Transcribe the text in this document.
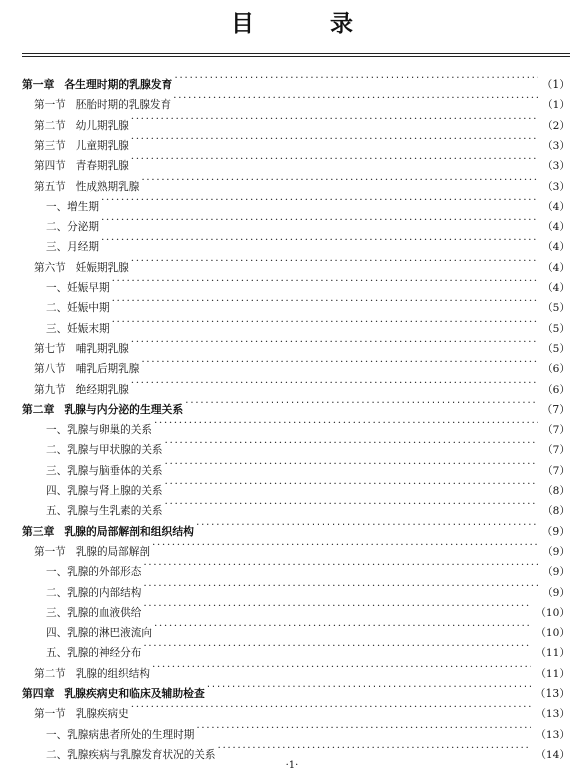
目 录
第一章 各生理时期的乳腺发育 ·····	（1）
第一节 胚胎时期的乳腺发育 ·····	（1）
第二节 幼儿期乳腺 ·····	（2）
第三节 儿童期乳腺 ·····	（3）
第四节 青春期乳腺 ·····	（3）
第五节 性成熟期乳腺 ·····	（3）
一、增生期 ·····	（4）
二、分泌期 ·····	（4）
三、月经期 ·····	（4）
第六节 妊娠期乳腺 ·····	（4）
一、妊娠早期 ·····	（4）
二、妊娠中期 ·····	（5）
三、妊娠末期 ·····	（5）
第七节 哺乳期乳腺 ·····	（5）
第八节 哺乳后期乳腺 ·····	（6）
第九节 绝经期乳腺 ·····	（6）
第二章 乳腺与内分泌的生理关系 ·····	（7）
一、乳腺与卵巢的关系 ·····	（7）
二、乳腺与甲状腺的关系 ·····	（7）
三、乳腺与脑垂体的关系 ·····	（7）
四、乳腺与肾上腺的关系 ·····	（8）
五、乳腺与生乳素的关系 ·····	（8）
第三章 乳腺的局部解剖和组织结构 ·····	（9）
第一节 乳腺的局部解剖 ·····	（9）
一、乳腺的外部形态 ·····	（9）
二、乳腺的内部结构 ·····	（9）
三、乳腺的血液供给 ·····	（10）
四、乳腺的淋巴液流向 ·····	（10）
五、乳腺的神经分布 ·····	（11）
第二节 乳腺的组织结构 ·····	（11）
第四章 乳腺疾病史和临床及辅助检查 ·····	（13）
第一节 乳腺疾病史 ·····	（13）
一、乳腺病患者所处的生理时期 ·····	（13）
二、乳腺疾病与乳腺发育状况的关系 ·····	（14）
·1·
